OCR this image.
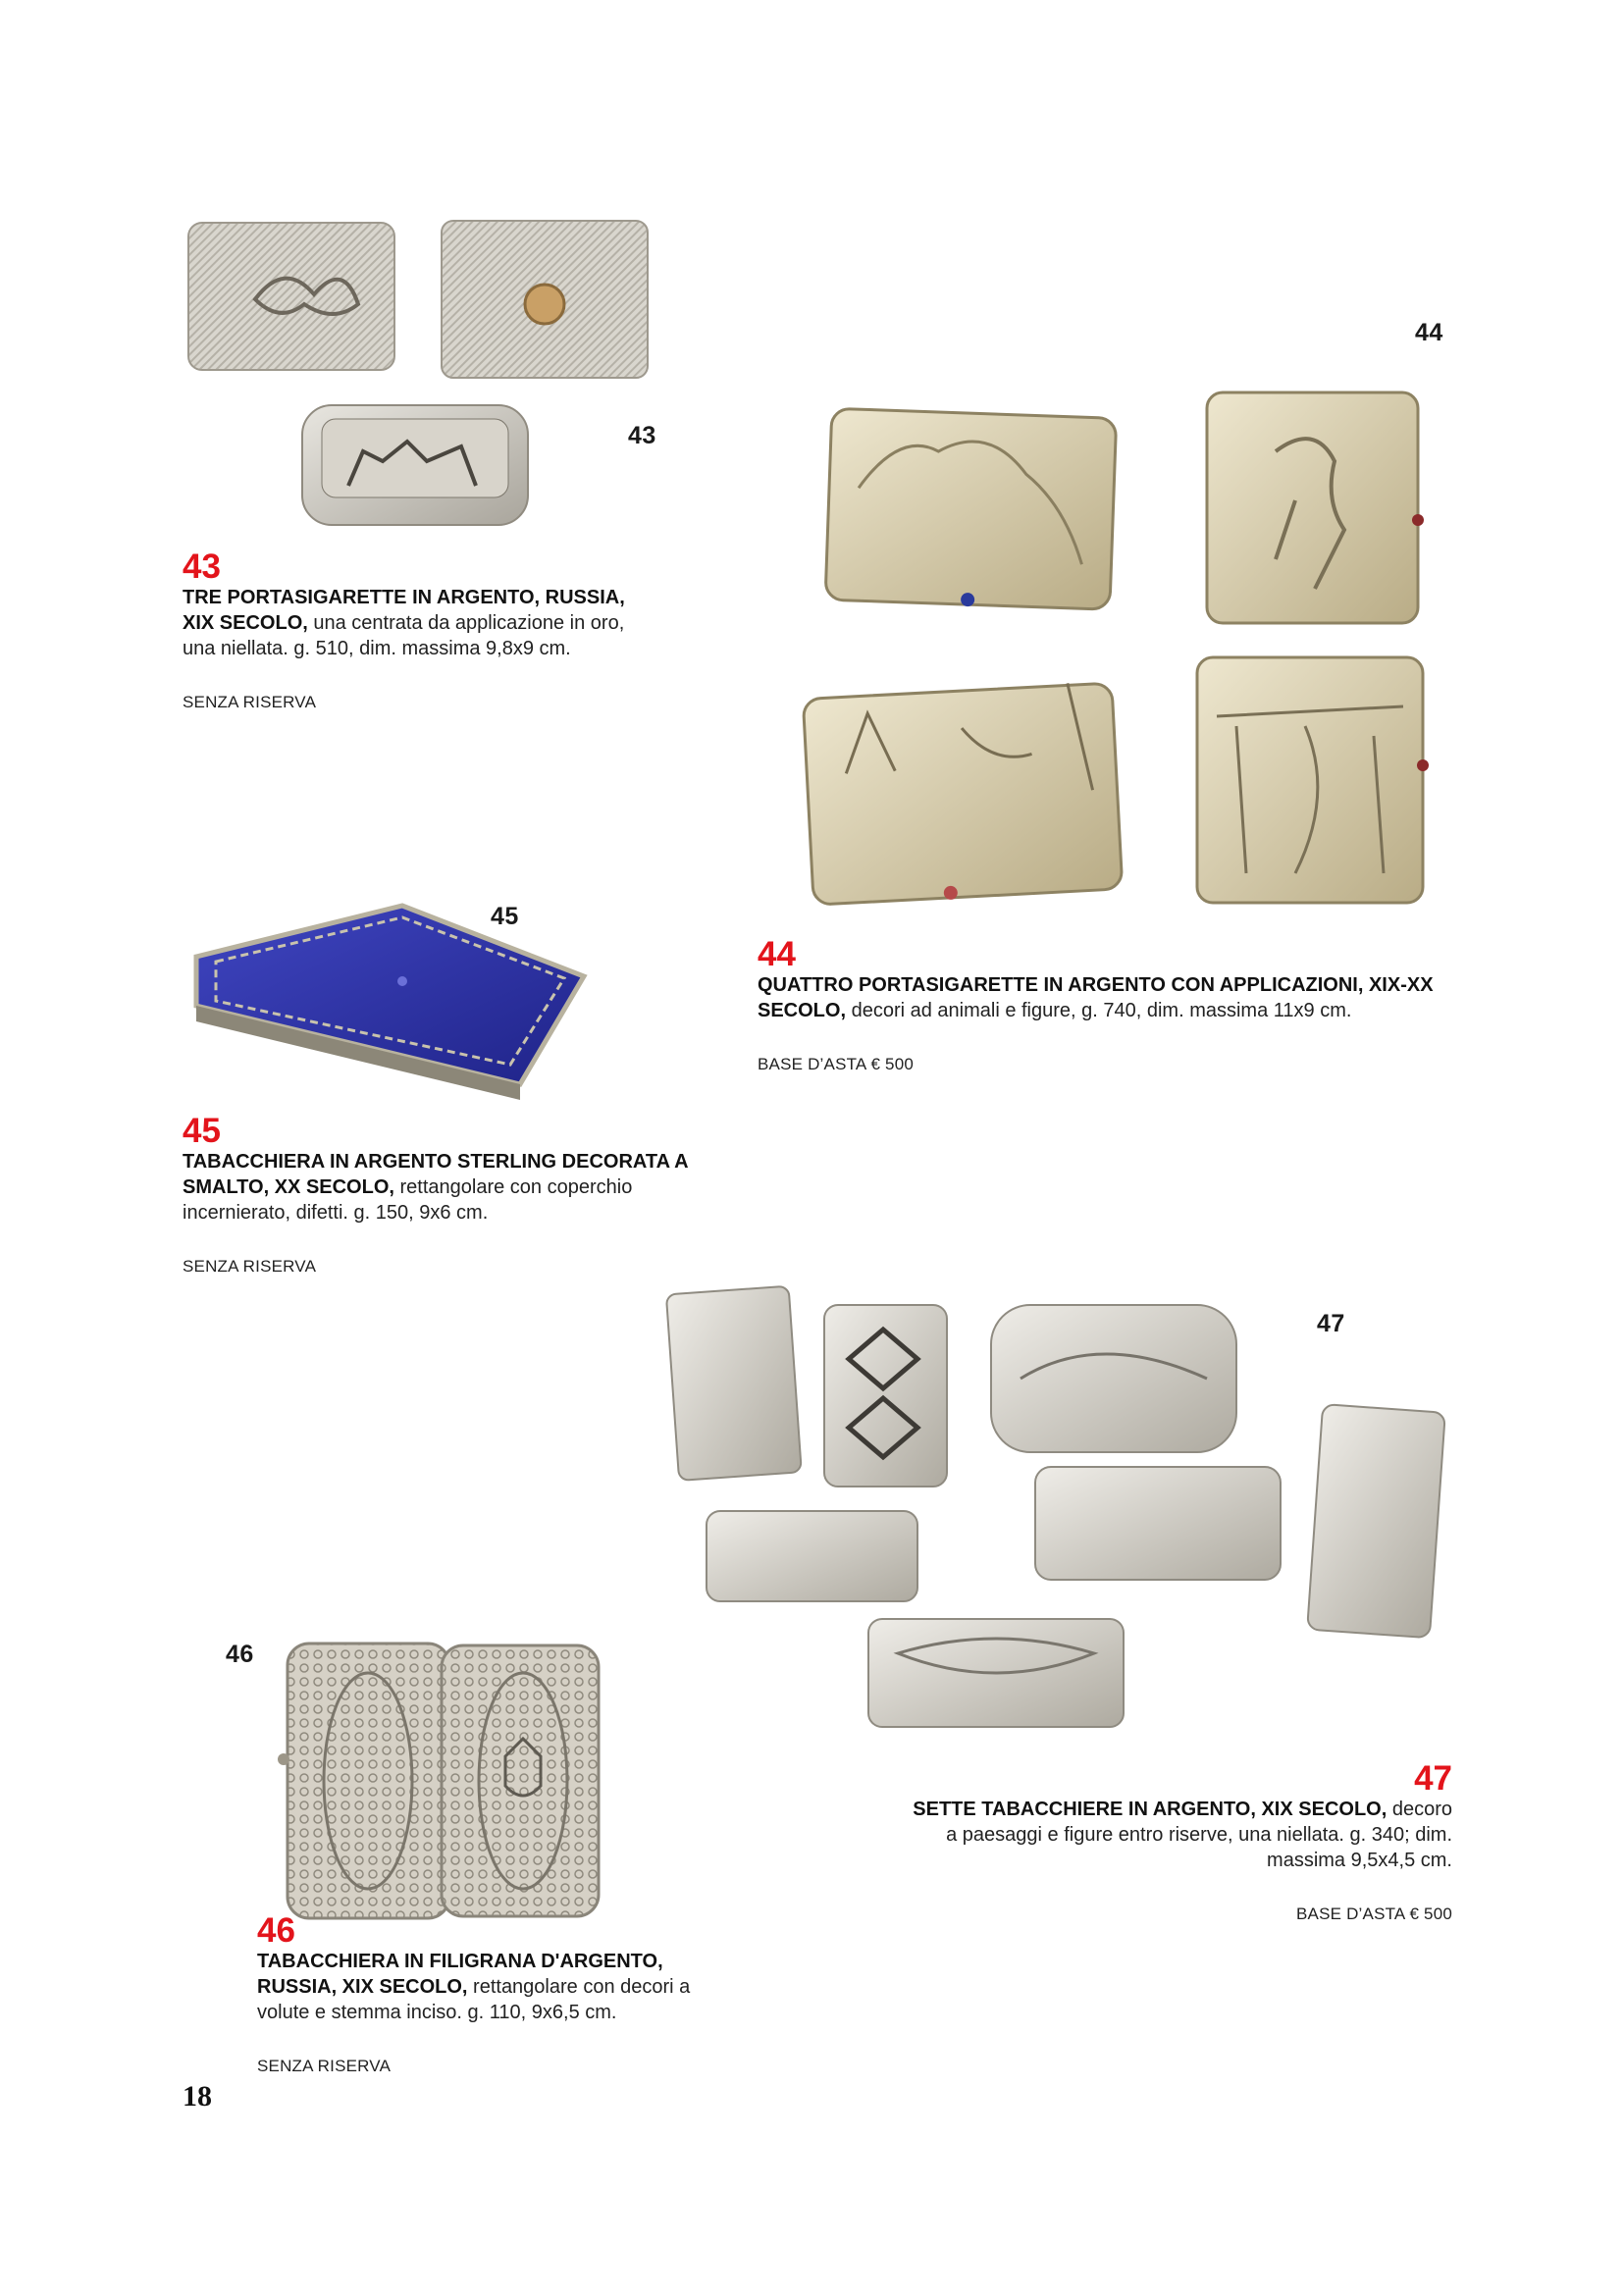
43
44
45
46
47
43
TRE PORTASIGARETTE IN ARGENTO, RUSSIA, XIX SECOLO, una centrata da applicazione in oro, una niellata. g. 510, dim. massima 9,8x9 cm.
SENZA RISERVA
44
QUATTRO PORTASIGARETTE IN ARGENTO CON APPLICAZIONI, XIX-XX SECOLO, decori ad animali e figure, g. 740, dim. massima 11x9 cm.
BASE D’ASTA € 500
45
TABACCHIERA IN ARGENTO STERLING DECORATA A SMALTO, XX SECOLO, rettangolare con coperchio incernierato, difetti. g. 150, 9x6 cm.
SENZA RISERVA
46
TABACCHIERA IN FILIGRANA D'ARGENTO, RUSSIA, XIX SECOLO, rettangolare con decori a volute e stemma inciso. g. 110, 9x6,5 cm.
SENZA RISERVA
47
SETTE TABACCHIERE IN ARGENTO, XIX SECOLO, decoro a paesaggi e figure entro riserve, una niellata. g. 340; dim. massima 9,5x4,5 cm.
BASE D’ASTA € 500
18
